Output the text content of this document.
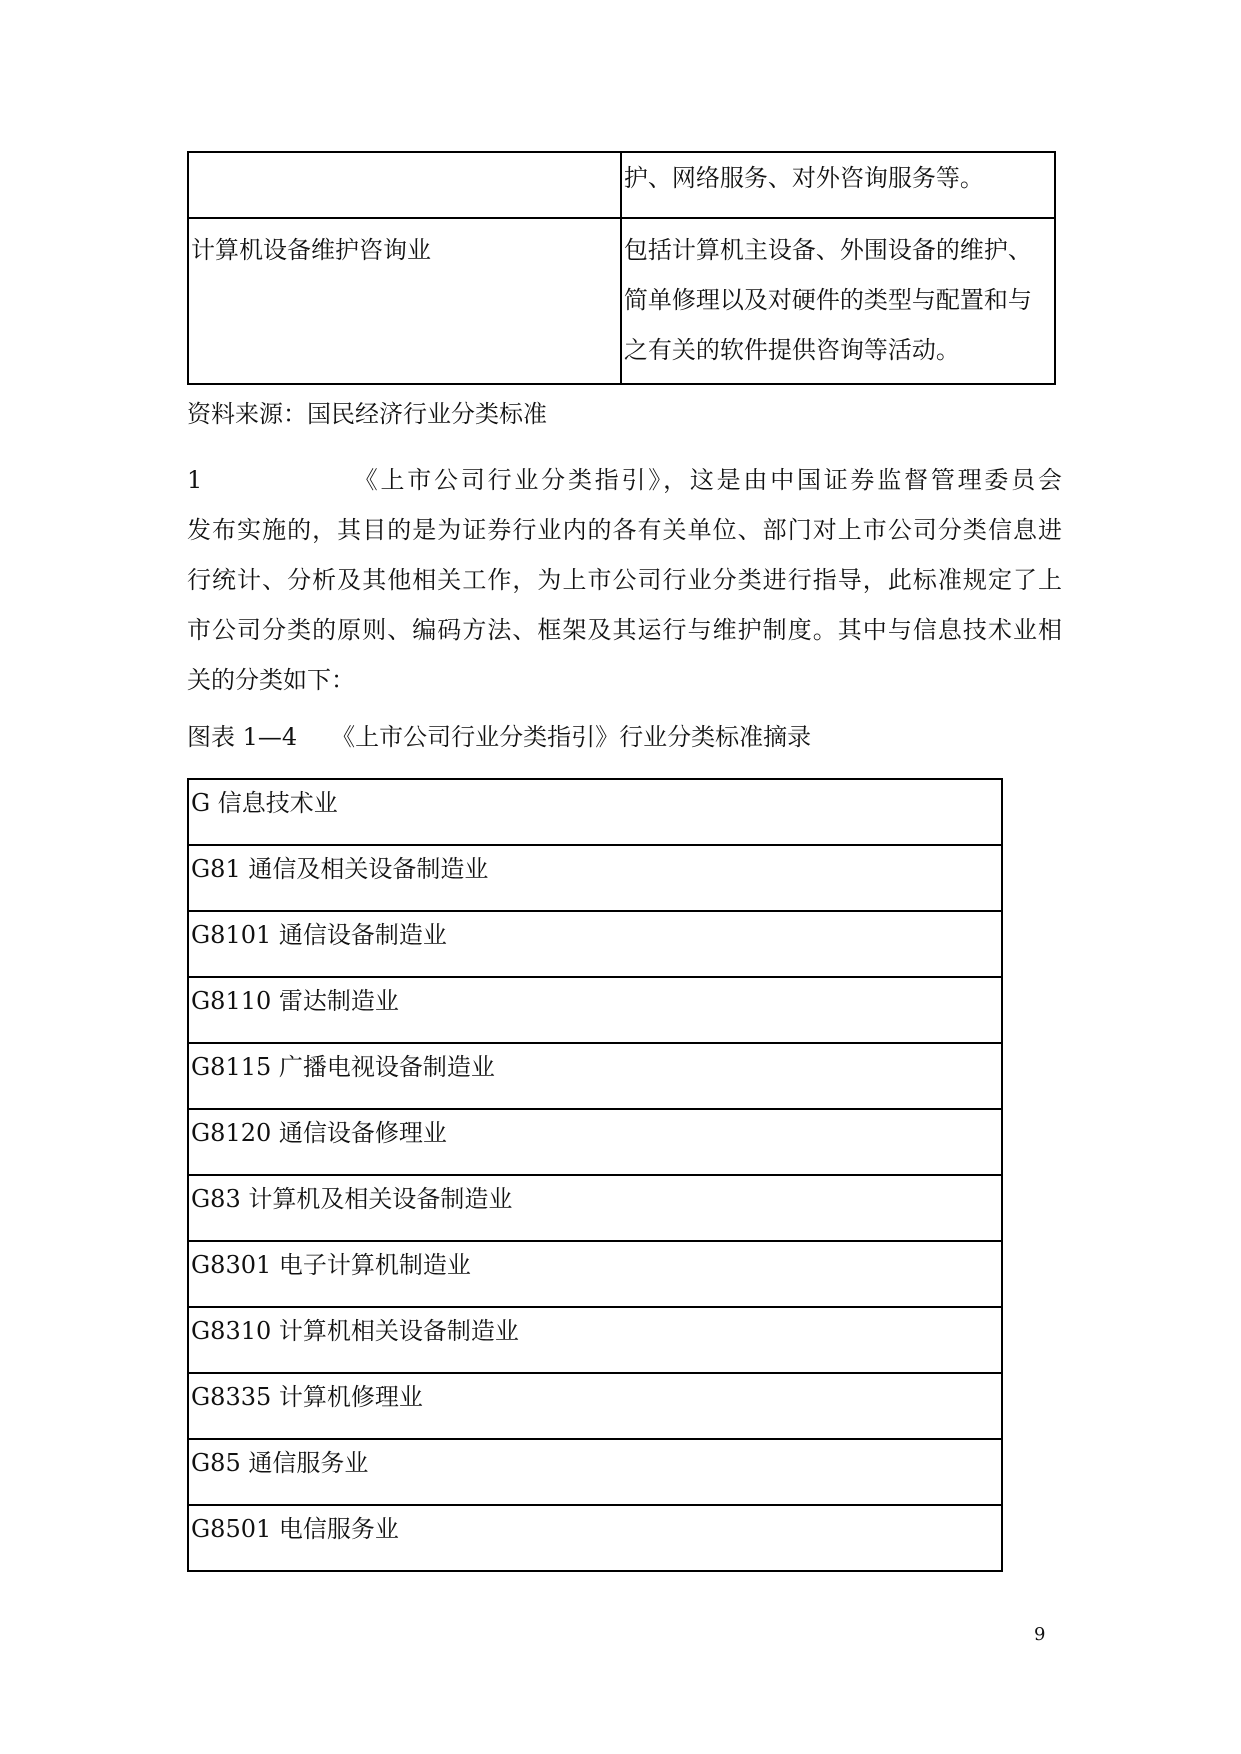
	护、网络服务、对外咨询服务等。

计算机设备维护咨询业	包括计算机主设备、外围设备的维护、
简单修理以及对硬件的类型与配置和与
之有关的软件提供咨询等活动。
资料来源：国民经济行业分类标准
1　　　　　　《上市公司行业分类指引》，这是由中国证券监督管理委员会
发布实施的，其目的是为证券行业内的各有关单位、部门对上市公司分类信息进
行统计、分析及其他相关工作，为上市公司行业分类进行指导，此标准规定了上
市公司分类的原则、编码方法、框架及其运行与维护制度。其中与信息技术业相
关的分类如下：
图表 1—4 《上市公司行业分类指引》行业分类标准摘录
G 信息技术业
G81 通信及相关设备制造业
G8101 通信设备制造业
G8110 雷达制造业
G8115 广播电视设备制造业
G8120 通信设备修理业
G83 计算机及相关设备制造业
G8301 电子计算机制造业
G8310 计算机相关设备制造业
G8335 计算机修理业
G85 通信服务业
G8501 电信服务业
9
